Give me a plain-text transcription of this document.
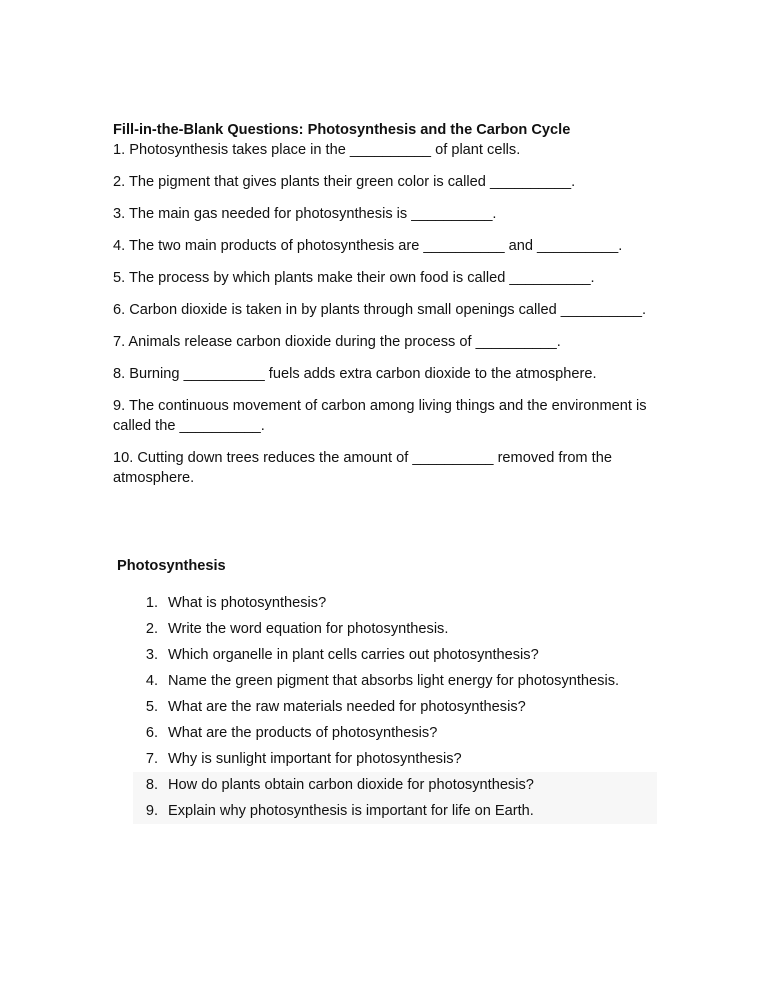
Fill-in-the-Blank Questions: Photosynthesis and the Carbon Cycle

1. Photosynthesis takes place in the __________ of plant cells.

2. The pigment that gives plants their green color is called __________.

3. The main gas needed for photosynthesis is __________.

4. The two main products of photosynthesis are __________ and __________.

5. The process by which plants make their own food is called __________.

6. Carbon dioxide is taken in by plants through small openings called __________.

7. Animals release carbon dioxide during the process of __________.

8. Burning __________ fuels adds extra carbon dioxide to the atmosphere.

9. The continuous movement of carbon among living things and the environment is called the __________.

10. Cutting down trees reduces the amount of __________ removed from the atmosphere.

Photosynthesis

1. What is photosynthesis?
2. Write the word equation for photosynthesis.
3. Which organelle in plant cells carries out photosynthesis?
4. Name the green pigment that absorbs light energy for photosynthesis.
5. What are the raw materials needed for photosynthesis?
6. What are the products of photosynthesis?
7. Why is sunlight important for photosynthesis?
8. How do plants obtain carbon dioxide for photosynthesis?
9. Explain why photosynthesis is important for life on Earth.
